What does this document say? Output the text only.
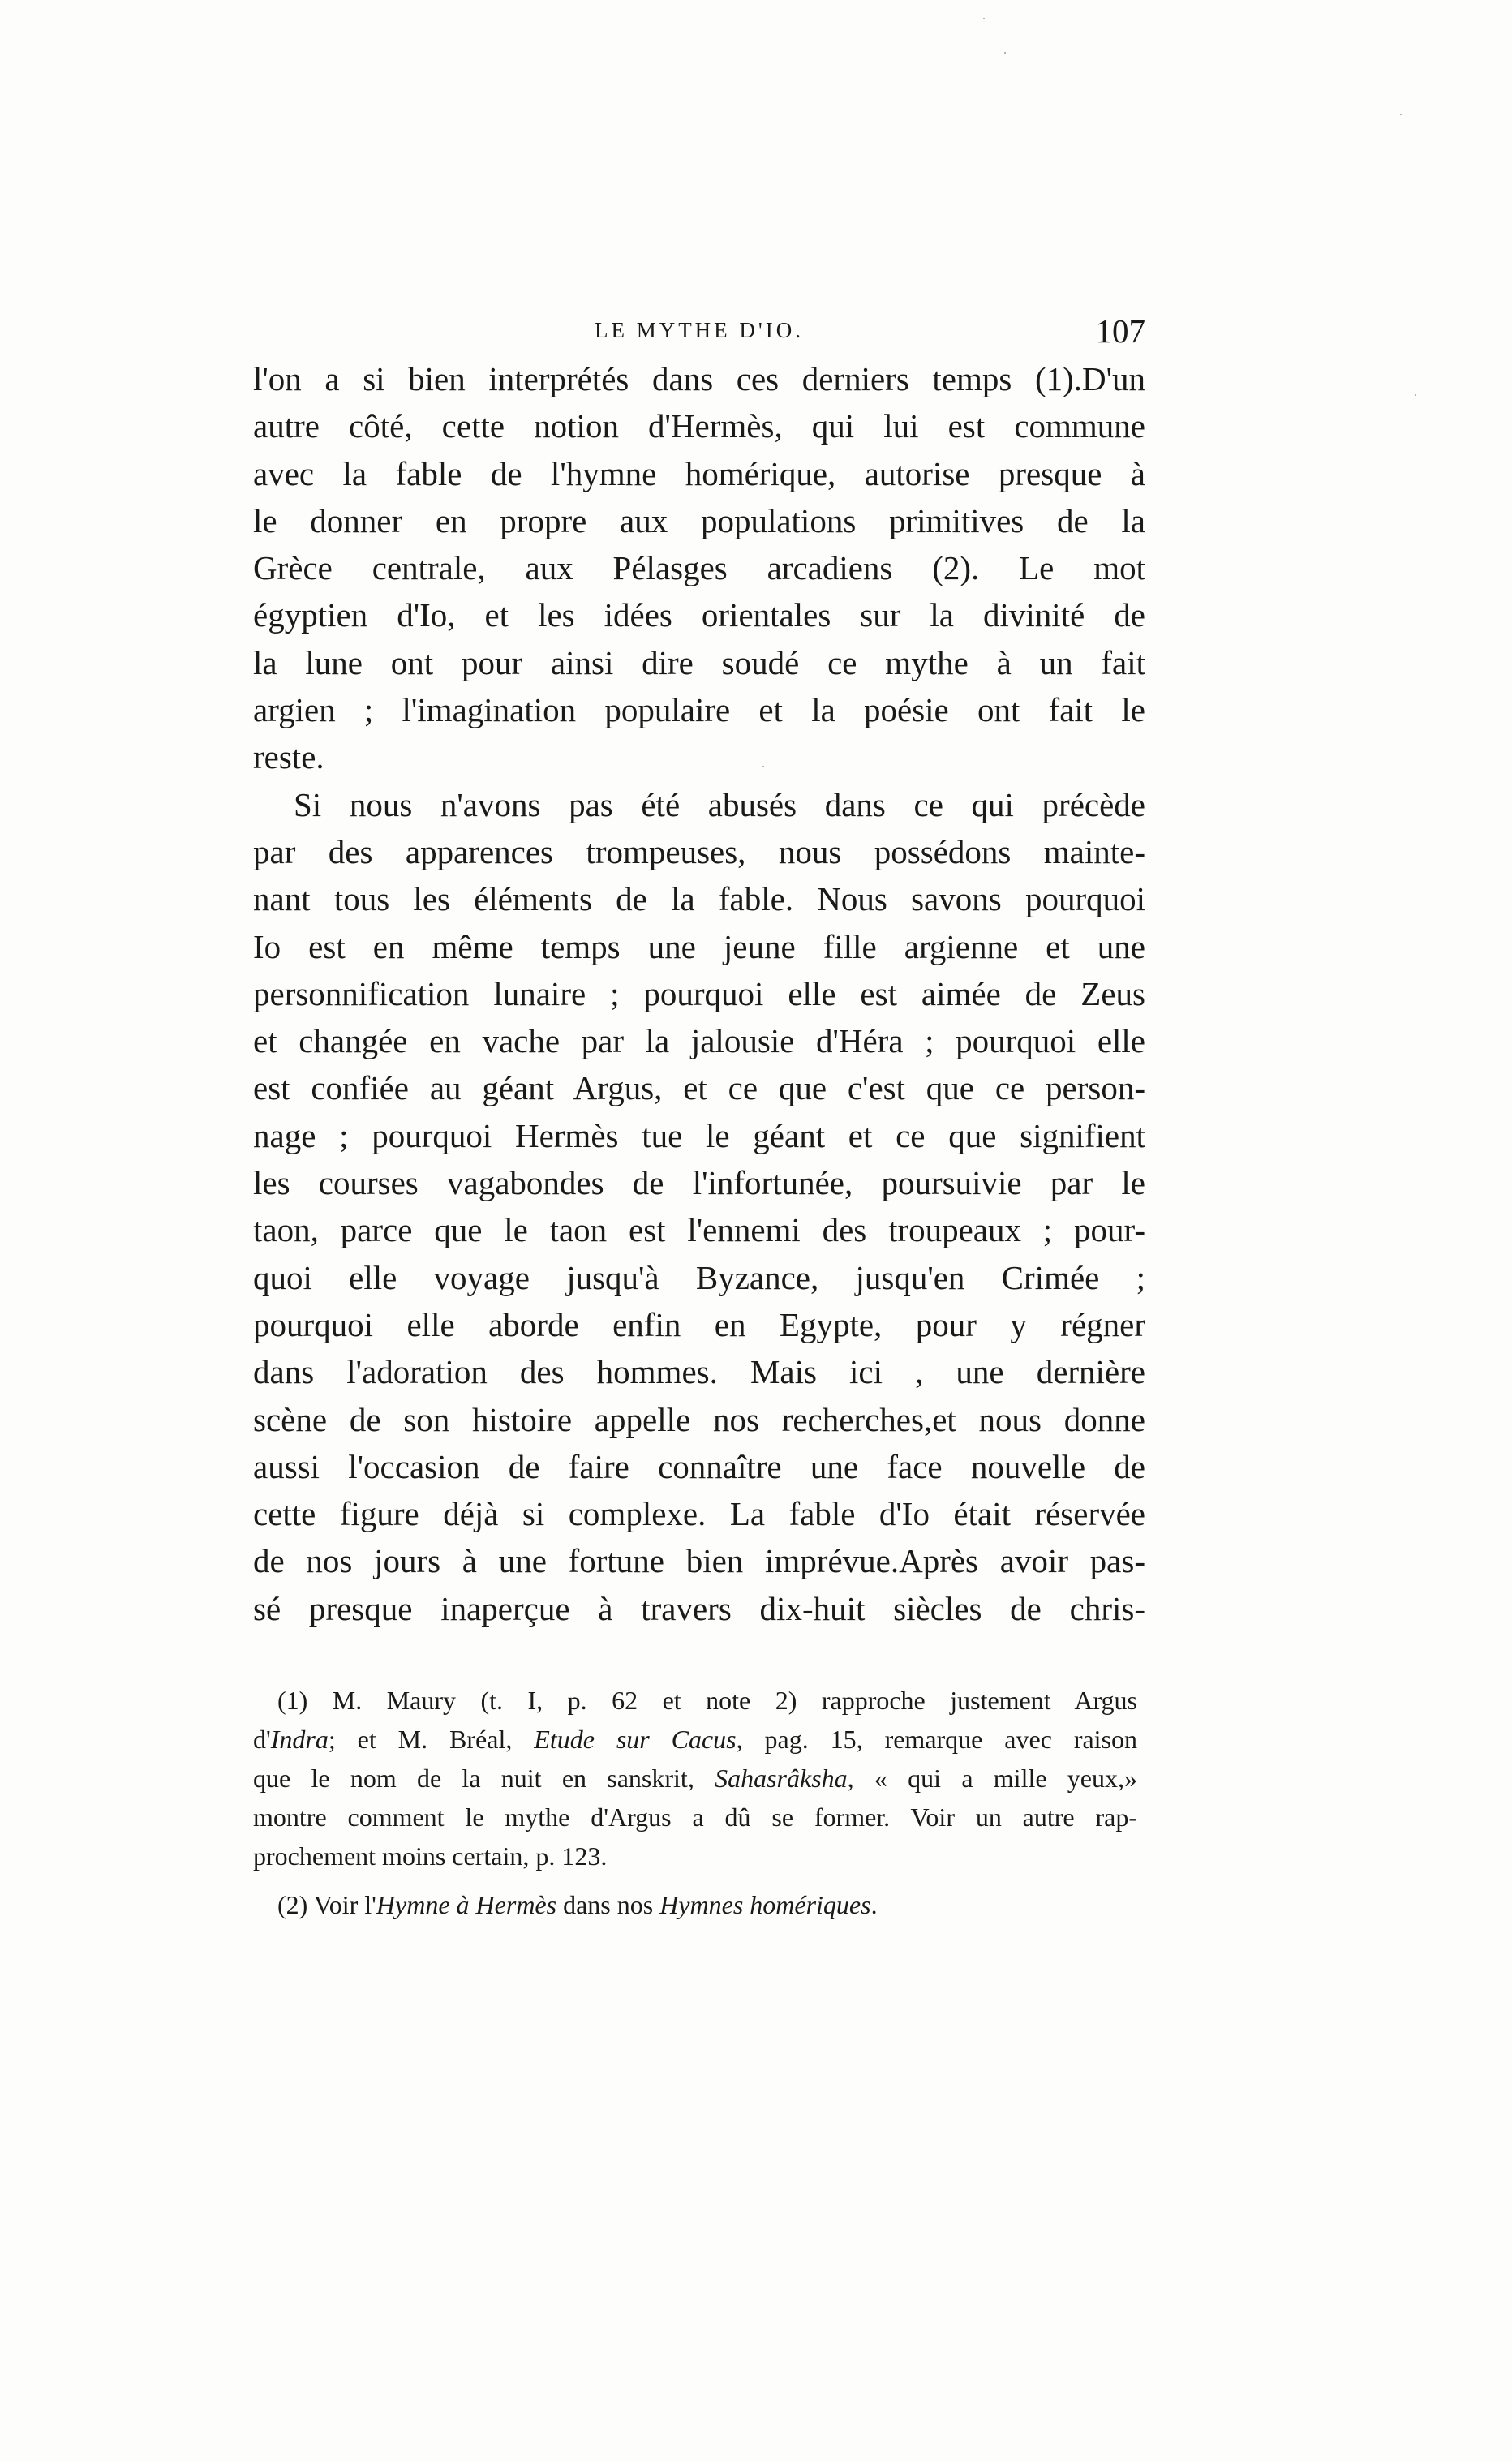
LE MYTHE D'IO.	107
l'on a si bien interprétés dans ces derniers temps (1).D'un
autre côté, cette notion d'Hermès, qui lui est commune
avec la fable de l'hymne homérique, autorise presque à
le donner en propre aux populations primitives de la
Grèce centrale, aux Pélasges arcadiens (2). Le mot
égyptien d'Io, et les idées orientales sur la divinité de
la lune ont pour ainsi dire soudé ce mythe à un fait
argien ; l'imagination populaire et la poésie ont fait le
reste.
Si nous n'avons pas été abusés dans ce qui précède
par des apparences trompeuses, nous possédons mainte-
nant tous les éléments de la fable. Nous savons pourquoi
Io est en même temps une jeune fille argienne et une
personnification lunaire ; pourquoi elle est aimée de Zeus
et changée en vache par la jalousie d'Héra ; pourquoi elle
est confiée au géant Argus, et ce que c'est que ce person-
nage ; pourquoi Hermès tue le géant et ce que signifient
les courses vagabondes de l'infortunée, poursuivie par le
taon, parce que le taon est l'ennemi des troupeaux ; pour-
quoi elle voyage jusqu'à Byzance, jusqu'en Crimée ;
pourquoi elle aborde enfin en Egypte, pour y régner
dans l'adoration des hommes. Mais ici , une dernière
scène de son histoire appelle nos recherches,et nous donne
aussi l'occasion de faire connaître une face nouvelle de
cette figure déjà si complexe. La fable d'Io était réservée
de nos jours à une fortune bien imprévue.Après avoir pas-
sé presque inaperçue à travers dix-huit siècles de chris-
(1) M. Maury (t. I, p. 62 et note 2) rapproche justement Argus
d'Indra; et M. Bréal, Etude sur Cacus, pag. 15, remarque avec raison
que le nom de la nuit en sanskrit, Sahasrâksha, « qui a mille yeux,»
montre comment le mythe d'Argus a dû se former. Voir un autre rap-
prochement moins certain, p. 123.
(2) Voir l'Hymne à Hermès dans nos Hymnes homériques.
